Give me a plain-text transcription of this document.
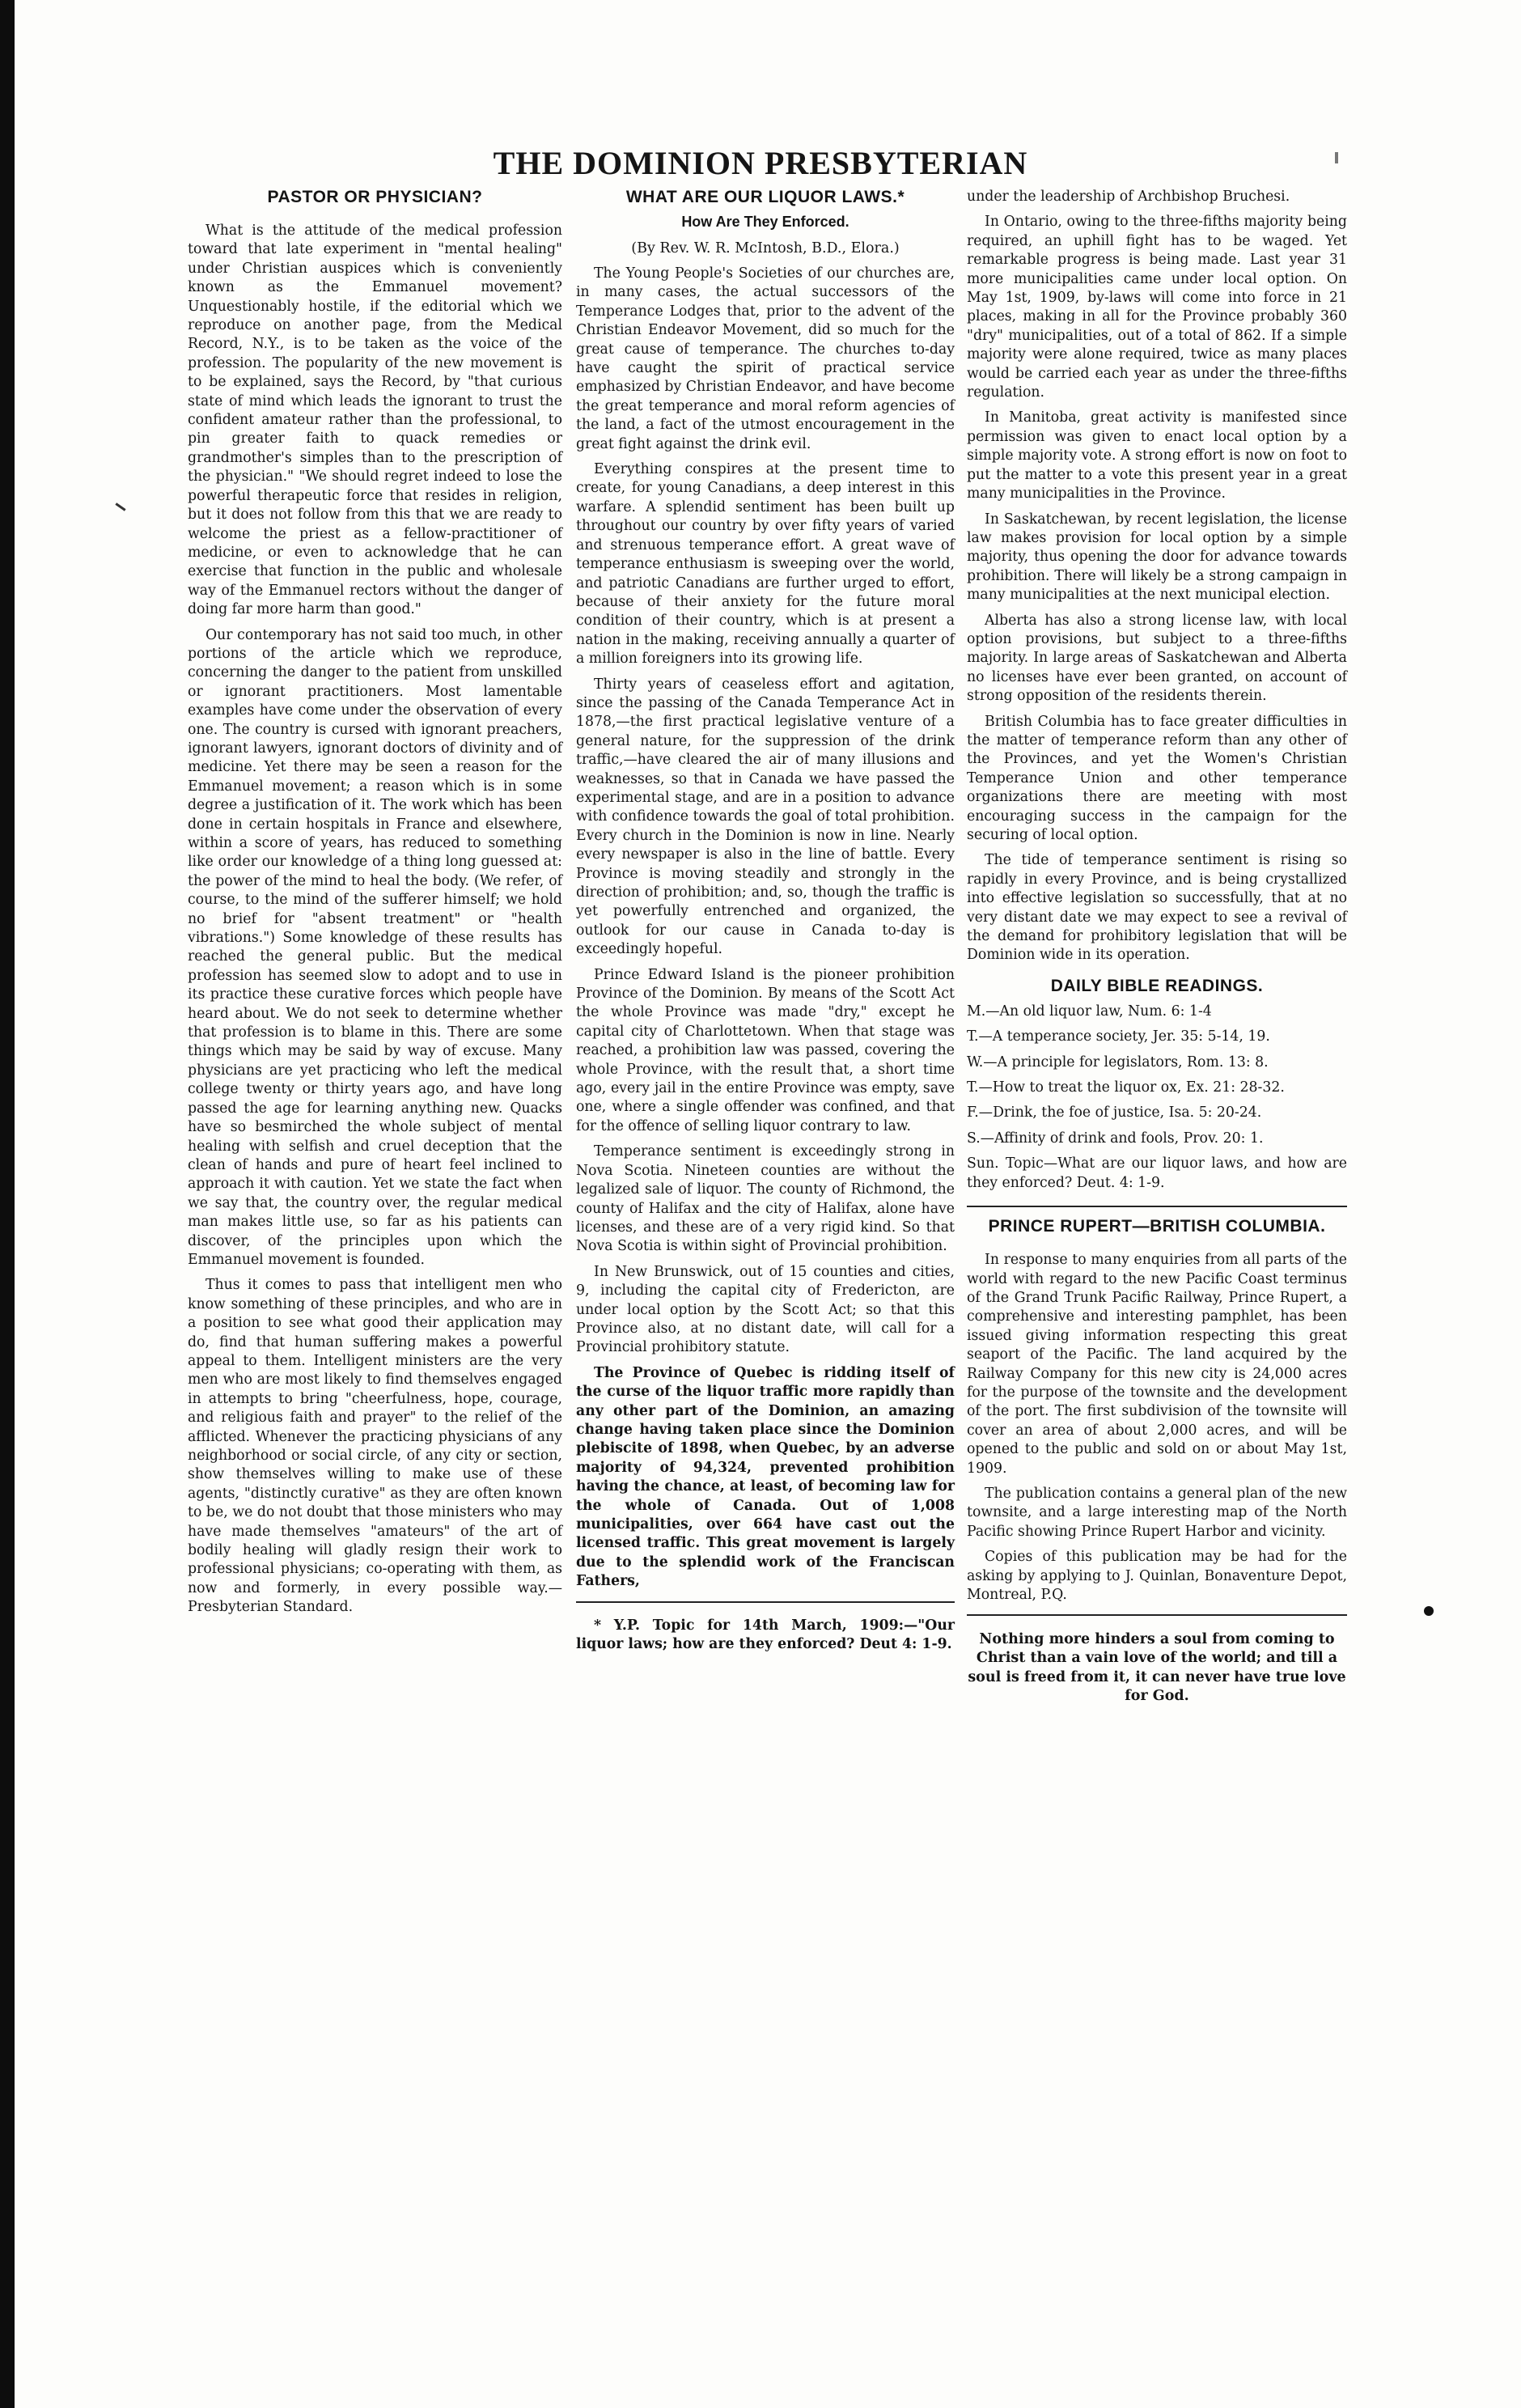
THE DOMINION PRESBYTERIAN
PASTOR OR PHYSICIAN?

What is the attitude of the medical profession toward that late experiment in "mental healing" under Christian auspices which is conveniently known as the Emmanuel movement? Unquestionably hostile, if the editorial which we reproduce on another page, from the Medical Record, N.Y., is to be taken as the voice of the profession. The popularity of the new movement is to be explained, says the Record, by "that curious state of mind which leads the ignorant to trust the confident amateur rather than the professional, to pin greater faith to quack remedies or grandmother's simples than to the prescription of the physician." "We should regret indeed to lose the powerful therapeutic force that resides in religion, but it does not follow from this that we are ready to welcome the priest as a fellow-practitioner of medicine, or even to acknowledge that he can exercise that function in the public and wholesale way of the Emmanuel rectors without the danger of doing far more harm than good."

Our contemporary has not said too much, in other portions of the article which we reproduce, concerning the danger to the patient from unskilled or ignorant practitioners. Most lamentable examples have come under the observation of every one. The country is cursed with ignorant preachers, ignorant lawyers, ignorant doctors of divinity and of medicine. Yet there may be seen a reason for the Emmanuel movement; a reason which is in some degree a justification of it. The work which has been done in certain hospitals in France and elsewhere, within a score of years, has reduced to something like order our knowledge of a thing long guessed at: the power of the mind to heal the body. (We refer, of course, to the mind of the sufferer himself; we hold no brief for "absent treatment" or "health vibrations.") Some knowledge of these results has reached the general public. But the medical profession has seemed slow to adopt and to use in its practice these curative forces which people have heard about. We do not seek to determine whether that profession is to blame in this. There are some things which may be said by way of excuse. Many physicians are yet practicing who left the medical college twenty or thirty years ago, and have long passed the age for learning anything new. Quacks have so besmirched the whole subject of mental healing with selfish and cruel deception that the clean of hands and pure of heart feel inclined to approach it with caution. Yet we state the fact when we say that, the country over, the regular medical man makes little use, so far as his patients can discover, of the principles upon which the Emmanuel movement is founded.

Thus it comes to pass that intelligent men who know something of these principles, and who are in a position to see what good their application may do, find that human suffering makes a powerful appeal to them. Intelligent ministers are the very men who are most likely to find themselves engaged in attempts to bring "cheerfulness, hope, courage, and religious faith and prayer" to the relief of the afflicted. Whenever the practicing physicians of any neighborhood or social circle, of any city or section, show themselves willing to make use of these agents, "distinctly curative" as they are often known to be, we do not doubt that those ministers who may have made themselves "amateurs" of the art of bodily healing will gladly resign their work to professional physicians; co-operating with them, as now and formerly, in every possible way.—Presbyterian Standard.

WHAT ARE OUR LIQUOR LAWS.*
How Are They Enforced.
(By Rev. W. R. McIntosh, B.D., Elora.)

The Young People's Societies of our churches are, in many cases, the actual successors of the Temperance Lodges that, prior to the advent of the Christian Endeavor Movement, did so much for the great cause of temperance. The churches to-day have caught the spirit of practical service emphasized by Christian Endeavor, and have become the great temperance and moral reform agencies of the land, a fact of the utmost encouragement in the great fight against the drink evil.

Everything conspires at the present time to create, for young Canadians, a deep interest in this warfare. A splendid sentiment has been built up throughout our country by over fifty years of varied and strenuous temperance effort. A great wave of temperance enthusiasm is sweeping over the world, and patriotic Canadians are further urged to effort, because of their anxiety for the future moral condition of their country, which is at present a nation in the making, receiving annually a quarter of a million foreigners into its growing life.

Thirty years of ceaseless effort and agitation, since the passing of the Canada Temperance Act in 1878,—the first practical legislative venture of a general nature, for the suppression of the drink traffic,—have cleared the air of many illusions and weaknesses, so that in Canada we have passed the experimental stage, and are in a position to advance with confidence towards the goal of total prohibition. Every church in the Dominion is now in line. Nearly every newspaper is also in the line of battle. Every Province is moving steadily and strongly in the direction of prohibition; and, so, though the traffic is yet powerfully entrenched and organized, the outlook for our cause in Canada to-day is exceedingly hopeful.

Prince Edward Island is the pioneer prohibition Province of the Dominion. By means of the Scott Act the whole Province was made "dry," except he capital city of Charlottetown. When that stage was reached, a prohibition law was passed, covering the whole Province, with the result that, a short time ago, every jail in the entire Province was empty, save one, where a single offender was confined, and that for the offence of selling liquor contrary to law.

Temperance sentiment is exceedingly strong in Nova Scotia. Nineteen counties are without the legalized sale of liquor. The county of Richmond, the county of Halifax and the city of Halifax, alone have licenses, and these are of a very rigid kind. So that Nova Scotia is within sight of Provincial prohibition.

In New Brunswick, out of 15 counties and cities, 9, including the capital city of Fredericton, are under local option by the Scott Act; so that this Province also, at no distant date, will call for a Provincial prohibitory statute.

The Province of Quebec is ridding itself of the curse of the liquor traffic more rapidly than any other part of the Dominion, an amazing change having taken place since the Dominion plebiscite of 1898, when Quebec, by an adverse majority of 94,324, prevented prohibition having the chance, at least, of becoming law for the whole of Canada. Out of 1,008 municipalities, over 664 have cast out the licensed traffic. This great movement is largely due to the splendid work of the Franciscan Fathers,

* Y.P. Topic for 14th March, 1909:—"Our liquor laws; how are they enforced? Deut 4: 1-9.

under the leadership of Archbishop Bruchesi.

In Ontario, owing to the three-fifths majority being required, an uphill fight has to be waged. Yet remarkable progress is being made. Last year 31 more municipalities came under local option. On May 1st, 1909, by-laws will come into force in 21 places, making in all for the Province probably 360 "dry" municipalities, out of a total of 862. If a simple majority were alone required, twice as many places would be carried each year as under the three-fifths regulation.

In Manitoba, great activity is manifested since permission was given to enact local option by a simple majority vote. A strong effort is now on foot to put the matter to a vote this present year in a great many municipalities in the Province.

In Saskatchewan, by recent legislation, the license law makes provision for local option by a simple majority, thus opening the door for advance towards prohibition. There will likely be a strong campaign in many municipalities at the next municipal election.

Alberta has also a strong license law, with local option provisions, but subject to a three-fifths majority. In large areas of Saskatchewan and Alberta no licenses have ever been granted, on account of strong opposition of the residents therein.

British Columbia has to face greater difficulties in the matter of temperance reform than any other of the Provinces, and yet the Women's Christian Temperance Union and other temperance organizations there are meeting with most encouraging success in the campaign for the securing of local option.

The tide of temperance sentiment is rising so rapidly in every Province, and is being crystallized into effective legislation so successfully, that at no very distant date we may expect to see a revival of the demand for prohibitory legislation that will be Dominion wide in its operation.

DAILY BIBLE READINGS.

M.—An old liquor law, Num. 6: 1-4

T.—A temperance society, Jer. 35: 5-14, 19.

W.—A principle for legislators, Rom. 13: 8.

T.—How to treat the liquor ox, Ex. 21: 28-32.

F.—Drink, the foe of justice, Isa. 5: 20-24.

S.—Affinity of drink and fools, Prov. 20: 1.

Sun. Topic—What are our liquor laws, and how are they enforced? Deut. 4: 1-9.

PRINCE RUPERT—BRITISH COLUMBIA.

In response to many enquiries from all parts of the world with regard to the new Pacific Coast terminus of the Grand Trunk Pacific Railway, Prince Rupert, a comprehensive and interesting pamphlet, has been issued giving information respecting this great seaport of the Pacific. The land acquired by the Railway Company for this new city is 24,000 acres for the purpose of the townsite and the development of the port. The first subdivision of the townsite will cover an area of about 2,000 acres, and will be opened to the public and sold on or about May 1st, 1909.

The publication contains a general plan of the new townsite, and a large interesting map of the North Pacific showing Prince Rupert Harbor and vicinity.

Copies of this publication may be had for the asking by applying to J. Quinlan, Bonaventure Depot, Montreal, P.Q.

Nothing more hinders a soul from coming to Christ than a vain love of the world; and till a soul is freed from it, it can never have true love for God.
